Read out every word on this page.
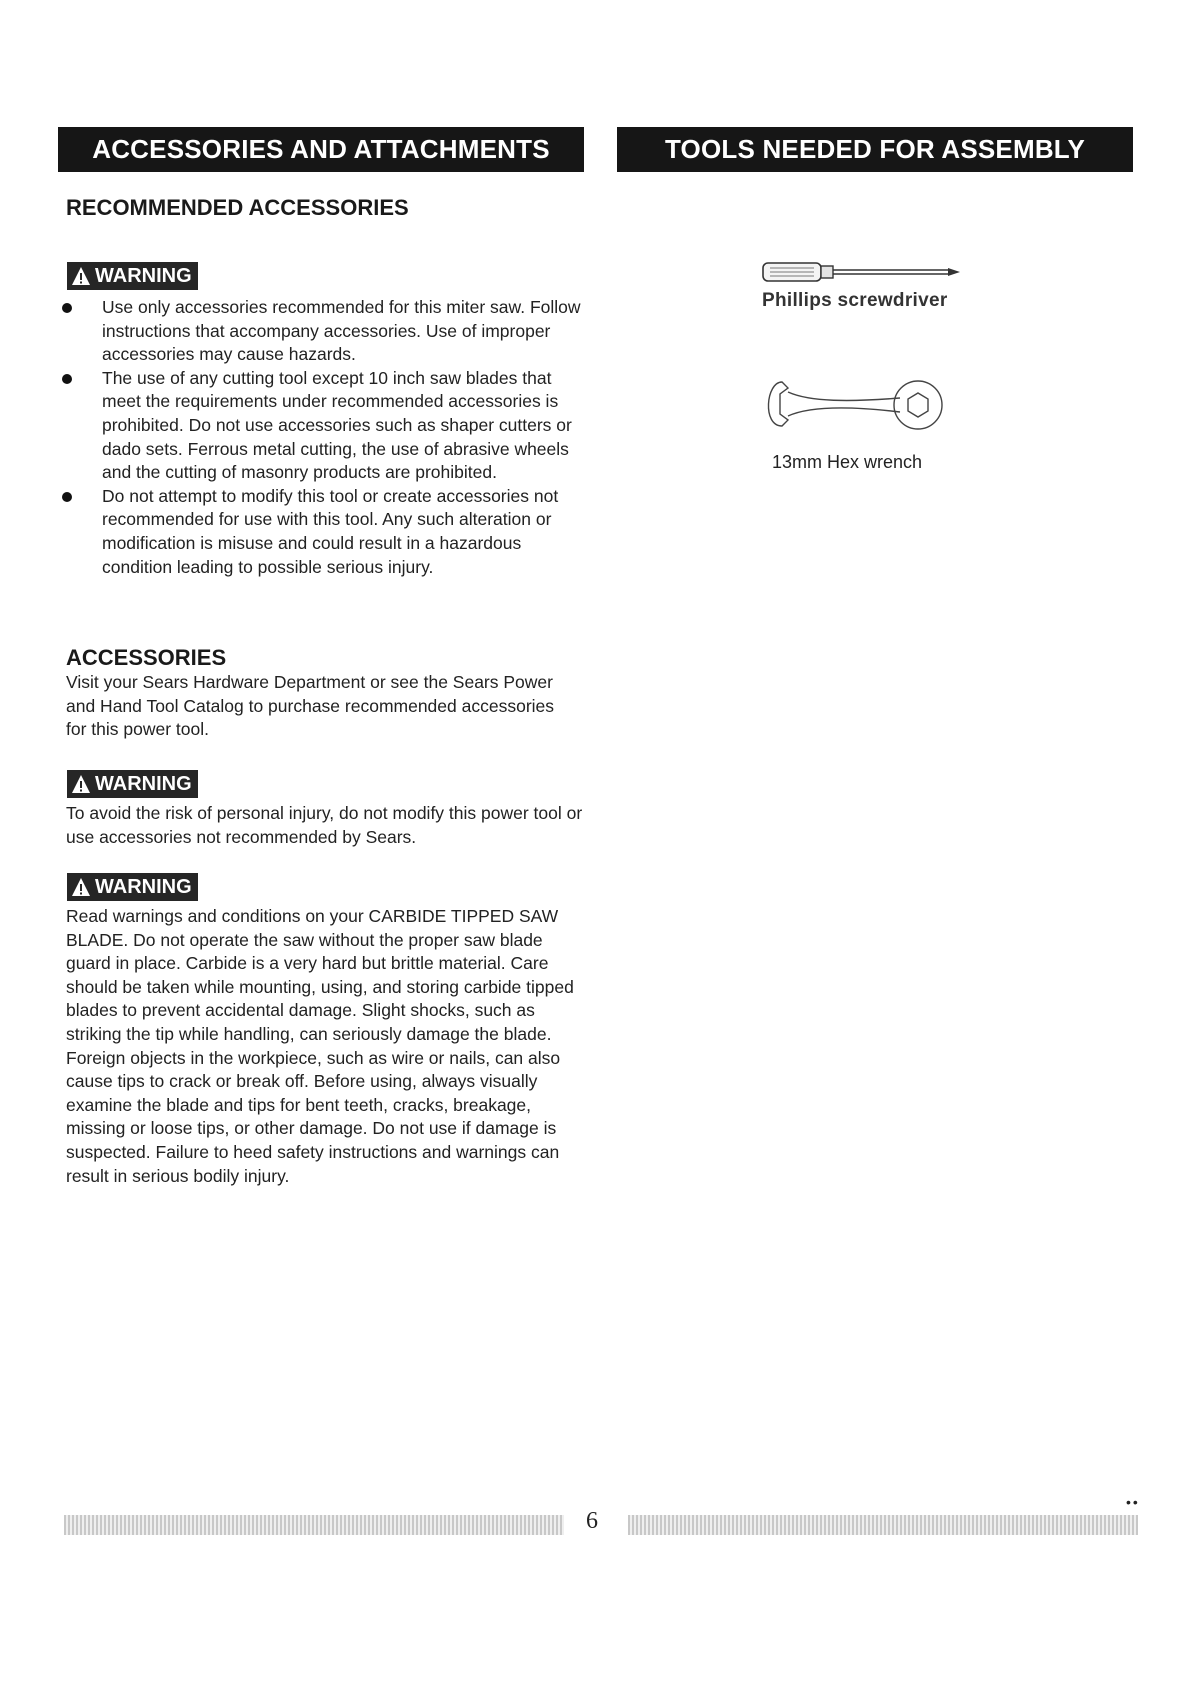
ACCESSORIES AND ATTACHMENTS	TOOLS NEEDED FOR ASSEMBLY
RECOMMENDED ACCESSORIES
WARNING
Use only accessories recommended for this miter saw. Follow instructions that accompany accessories. Use of improper accessories may cause hazards.
The use of any cutting tool except 10 inch saw blades that meet the requirements under recommended accessories is prohibited. Do not use accessories such as shaper cutters or dado sets. Ferrous metal cutting, the use of abrasive wheels and the cutting of masonry products are prohibited.
Do not attempt to modify this tool or create accessories not recommended for use with this tool. Any such alteration or modification is misuse and could result in a hazardous condition leading to possible serious injury.
ACCESSORIES

Visit your Sears Hardware Department or see the Sears Power and Hand Tool Catalog to purchase recommended accessories for this power tool.

WARNING

To avoid the risk of personal injury, do not modify this power tool or use accessories not recommended by Sears.

WARNING

Read warnings and conditions on your CARBIDE TIPPED SAW BLADE. Do not operate the saw without the proper saw blade guard in place. Carbide is a very hard but brittle material. Care should be taken while mounting, using, and storing carbide tipped blades to prevent accidental damage. Slight shocks, such as striking the tip while handling, can seriously damage the blade. Foreign objects in the workpiece, such as wire or nails, can also cause tips to crack or break off. Before using, always visually examine the blade and tips for bent teeth, cracks, breakage, missing or loose tips, or other damage. Do not use if damage is suspected. Failure to heed safety instructions and warnings can result in serious bodily injury.

Phillips screwdriver
13mm Hex wrench
6
••
